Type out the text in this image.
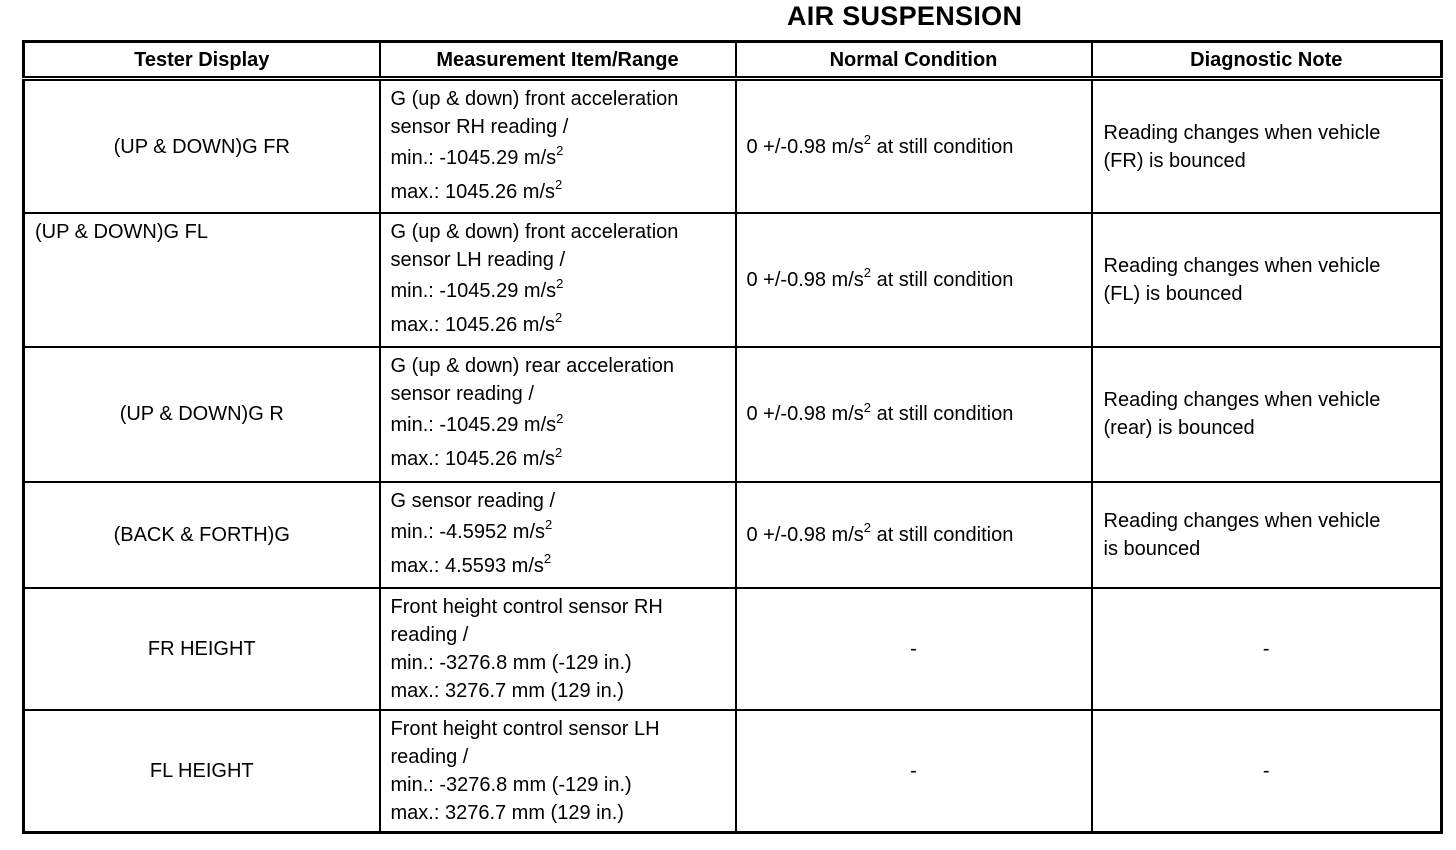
AIR SUSPENSION
Tester Display	Measurement Item/Range	Normal Condition	Diagnostic Note
(UP & DOWN)G FR	G (up & down) front acceleration
sensor RH reading /
min.: -1045.29 $m/s^2$
max.: 1045.26 $m/s^2$	0 +/-0.98 $m/s^2$ at still condition	Reading changes when vehicle
(FR) is bounced

(UP & DOWN)G FL	G (up & down) front acceleration
sensor LH reading /
min.: -1045.29 $m/s^2$
max.: 1045.26 $m/s^2$	0 +/-0.98 $m/s^2$ at still condition	Reading changes when vehicle
(FL) is bounced

(UP & DOWN)G R	G (up & down) rear acceleration
sensor reading /
min.: -1045.29 $m/s^2$
max.: 1045.26 $m/s^2$	0 +/-0.98 $m/s^2$ at still condition	Reading changes when vehicle
(rear) is bounced

(BACK & FORTH)G	G sensor reading /
min.: -4.5952 $m/s^2$
max.: 4.5593 $m/s^2$	0 +/-0.98 $m/s^2$ at still condition	Reading changes when vehicle
is bounced

FR HEIGHT	Front height control sensor RH
reading /
min.: -3276.8 mm (-129 in.)
max.: 3276.7 mm (129 in.)	-	-
FL HEIGHT	Front height control sensor LH
reading /
min.: -3276.8 mm (-129 in.)
max.: 3276.7 mm (129 in.)	-	-
